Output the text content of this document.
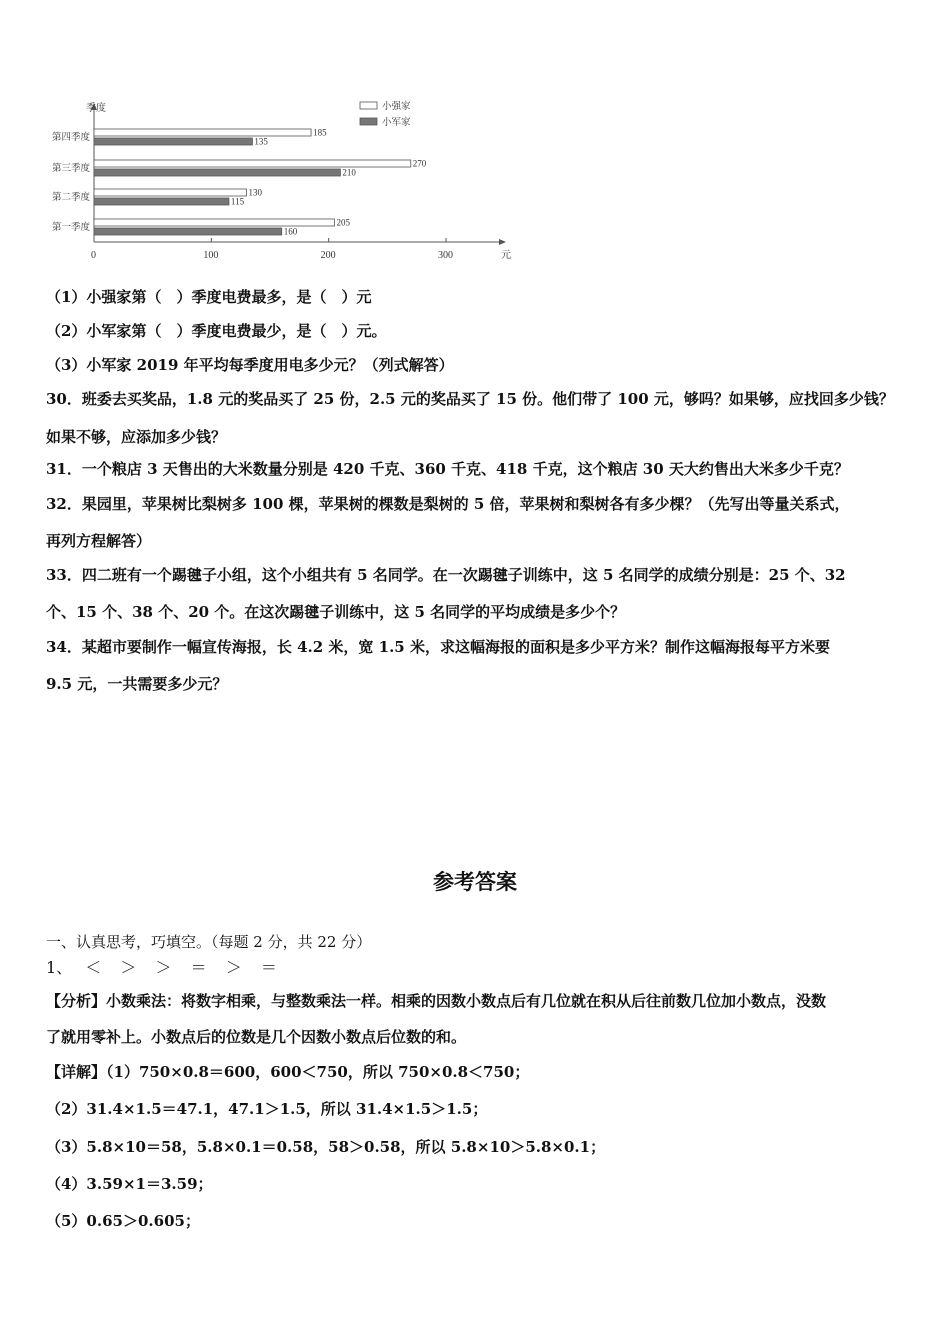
季度
元
0	100	200	300
第一季度
205
160
第二季度
130
115
第三季度
270
210
第四季度
185
135
小强家
小军家
（1）小强家第（　）季度电费最多，是（　）元
（2）小军家第（　）季度电费最少，是（　）元。
（3）小军家 2019 年平均每季度用电多少元？（列式解答）
30．班委去买奖品，1.8 元的奖品买了 25 份，2.5 元的奖品买了 15 份。他们带了 100 元，够吗？如果够，应找回多少钱？
如果不够，应添加多少钱？
31．一个粮店 3 天售出的大米数量分别是 420 千克、360 千克、418 千克，这个粮店 30 天大约售出大米多少千克？
32．果园里，苹果树比梨树多 100 棵，苹果树的棵数是梨树的 5 倍，苹果树和梨树各有多少棵？（先写出等量关系式，
再列方程解答）
33．四二班有一个踢毽子小组，这个小组共有 5 名同学。在一次踢毽子训练中，这 5 名同学的成绩分别是：25 个、32
个、15 个、38 个、20 个。在这次踢毽子训练中，这 5 名同学的平均成绩是多少个？
34．某超市要制作一幅宣传海报，长 4.2 米，宽 1.5 米，求这幅海报的面积是多少平方米？制作这幅海报每平方米要
9.5 元，一共需要多少元？
参考答案
一、认真思考，巧填空。（每题 2 分，共 22 分）
1、 ＜ ＞ ＞ ＝ ＞ ＝
【分析】小数乘法：将数字相乘，与整数乘法一样。相乘的因数小数点后有几位就在积从后往前数几位加小数点，没数
了就用零补上。小数点后的位数是几个因数小数点后位数的和。
【详解】（1）750×0.8＝600，600＜750，所以 750×0.8＜750；
（2）31.4×1.5＝47.1，47.1＞1.5，所以 31.4×1.5＞1.5；
（3）5.8×10＝58，5.8×0.1＝0.58，58＞0.58，所以 5.8×10＞5.8×0.1；
（4）3.59×1＝3.59；
（5）0.65＞0.605；
